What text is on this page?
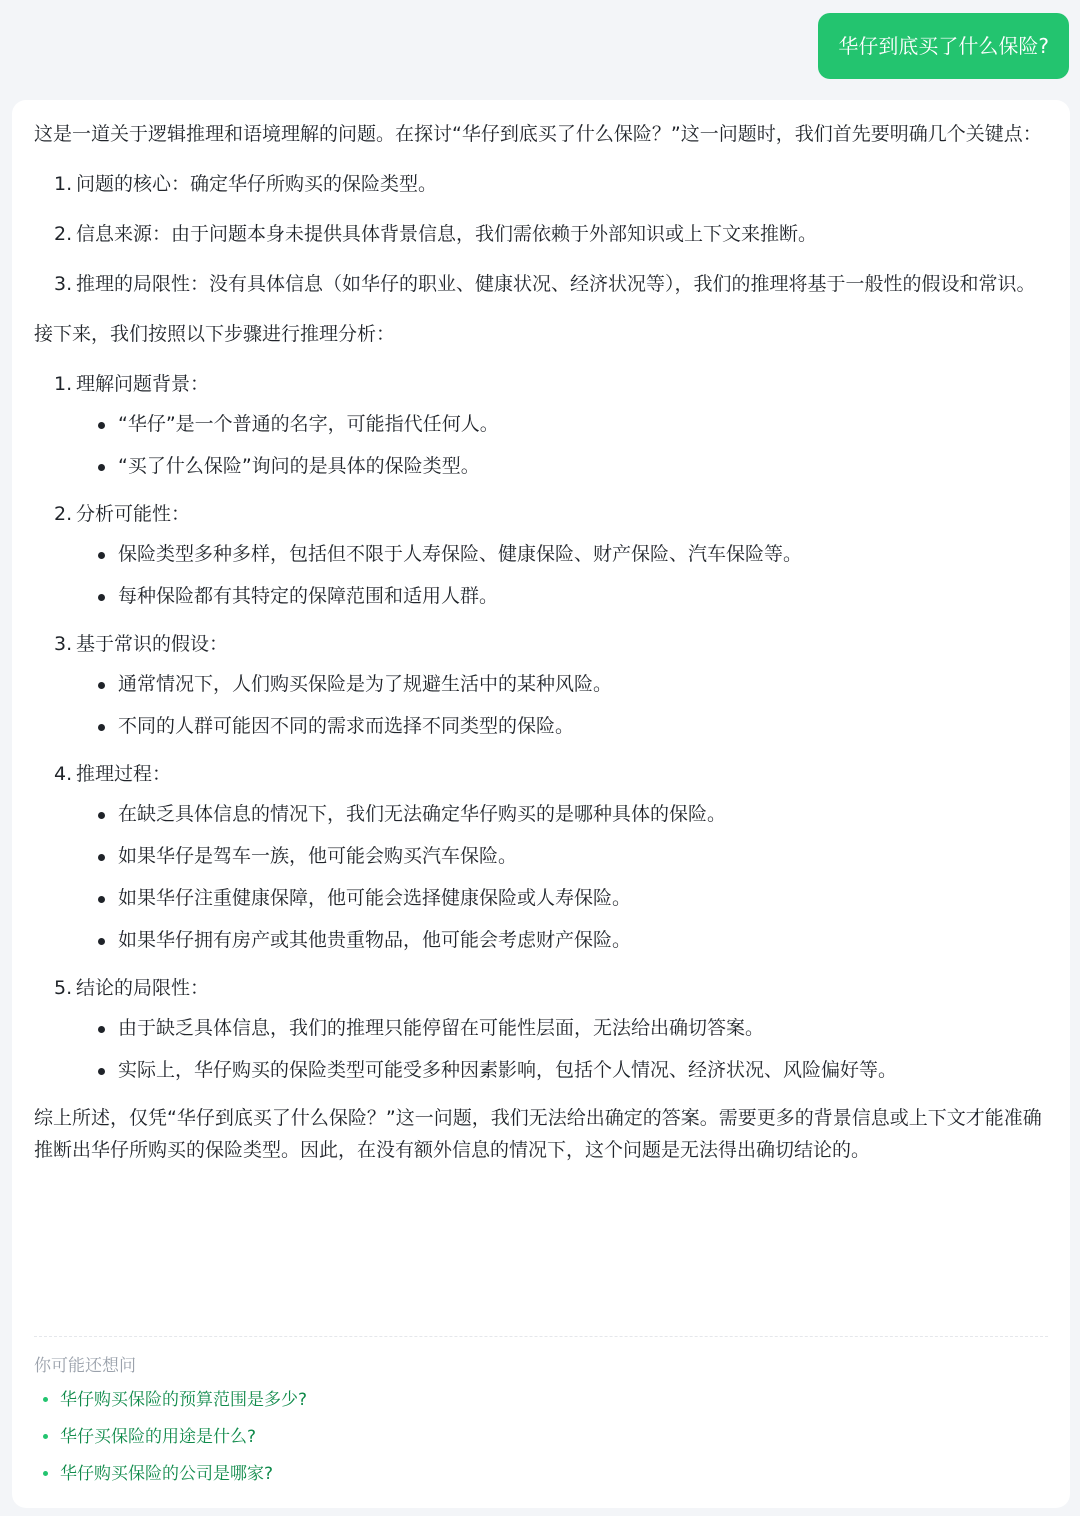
华仔到底买了什么保险?

这是一道关于逻辑推理和语境理解的问题。在探讨“华仔到底买了什么保险？”这一问题时，我们首先要明确几个关键点：

1. 问题的核心：确定华仔所购买的保险类型。
2. 信息来源：由于问题本身未提供具体背景信息，我们需依赖于外部知识或上下文来推断。
3. 推理的局限性：没有具体信息（如华仔的职业、健康状况、经济状况等），我们的推理将基于一般性的假设和常识。

接下来，我们按照以下步骤进行推理分析：

1. 理解问题背景：
“华仔”是一个普通的名字，可能指代任何人。
“买了什么保险”询问的是具体的保险类型。
2. 分析可能性：
保险类型多种多样，包括但不限于人寿保险、健康保险、财产保险、汽车保险等。
每种保险都有其特定的保障范围和适用人群。
3. 基于常识的假设：
通常情况下，人们购买保险是为了规避生活中的某种风险。
不同的人群可能因不同的需求而选择不同类型的保险。
4. 推理过程：
在缺乏具体信息的情况下，我们无法确定华仔购买的是哪种具体的保险。
如果华仔是驾车一族，他可能会购买汽车保险。
如果华仔注重健康保障，他可能会选择健康保险或人寿保险。
如果华仔拥有房产或其他贵重物品，他可能会考虑财产保险。
5. 结论的局限性：
由于缺乏具体信息，我们的推理只能停留在可能性层面，无法给出确切答案。
实际上，华仔购买的保险类型可能受多种因素影响，包括个人情况、经济状况、风险偏好等。

综上所述，仅凭“华仔到底买了什么保险？”这一问题，我们无法给出确定的答案。需要更多的背景信息或上下文才能准确推断出华仔所购买的保险类型。因此，在没有额外信息的情况下，这个问题是无法得出确切结论的。

你可能还想问
华仔购买保险的预算范围是多少?
华仔买保险的用途是什么?
华仔购买保险的公司是哪家?
